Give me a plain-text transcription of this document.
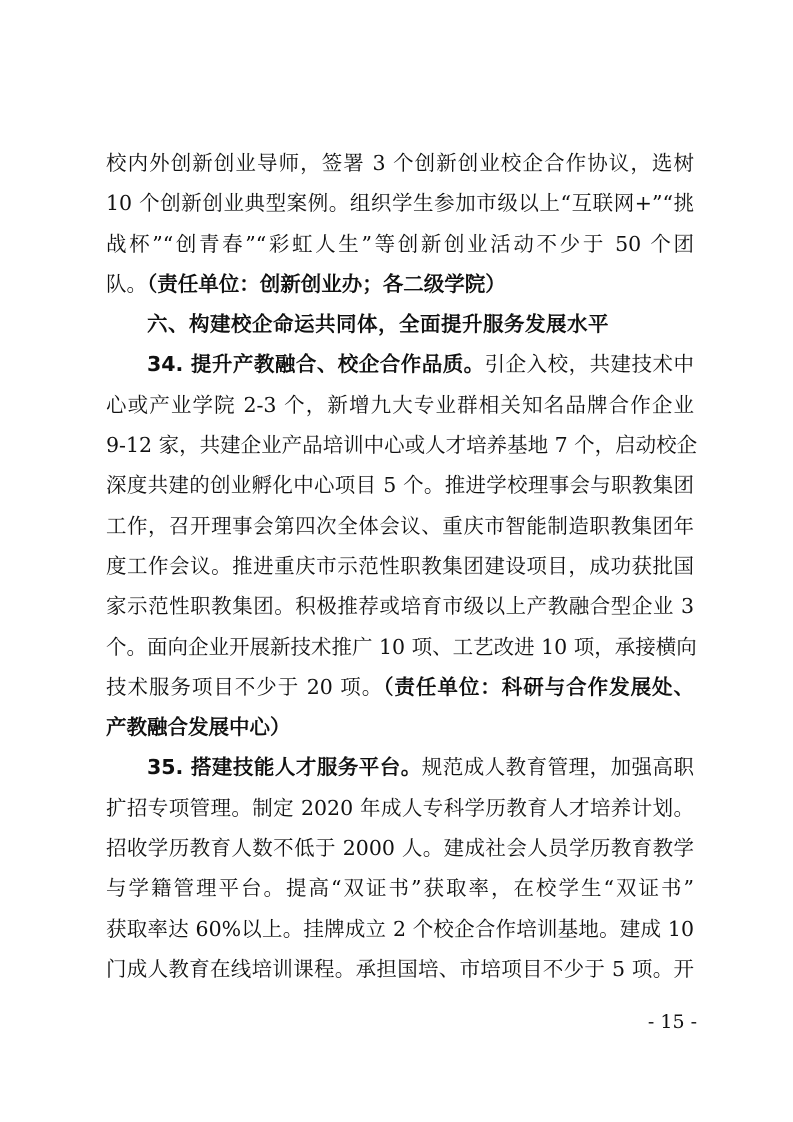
校内外创新创业导师，签署 3 个创新创业校企合作协议，选树
10 个创新创业典型案例。组织学生参加市级以上“互联网+”“挑
战杯”“创青春”“彩虹人生”等创新创业活动不少于 50 个团
队。（责任单位：创新创业办；各二级学院）
六、构建校企命运共同体，全面提升服务发展水平
34. 提升产教融合、校企合作品质。引企入校，共建技术中
心或产业学院 2-3 个，新增九大专业群相关知名品牌合作企业
9-12 家，共建企业产品培训中心或人才培养基地 7 个，启动校企
深度共建的创业孵化中心项目 5 个。推进学校理事会与职教集团
工作，召开理事会第四次全体会议、重庆市智能制造职教集团年
度工作会议。推进重庆市示范性职教集团建设项目，成功获批国
家示范性职教集团。积极推荐或培育市级以上产教融合型企业 3
个。面向企业开展新技术推广 10 项、工艺改进 10 项，承接横向
技术服务项目不少于 20 项。（责任单位：科研与合作发展处、
产教融合发展中心）
35. 搭建技能人才服务平台。规范成人教育管理，加强高职
扩招专项管理。制定 2020 年成人专科学历教育人才培养计划。
招收学历教育人数不低于 2000 人。建成社会人员学历教育教学
与学籍管理平台。提高“双证书”获取率，在校学生“双证书”
获取率达 60%以上。挂牌成立 2 个校企合作培训基地。建成 10
门成人教育在线培训课程。承担国培、市培项目不少于 5 项。开
- 15 -
